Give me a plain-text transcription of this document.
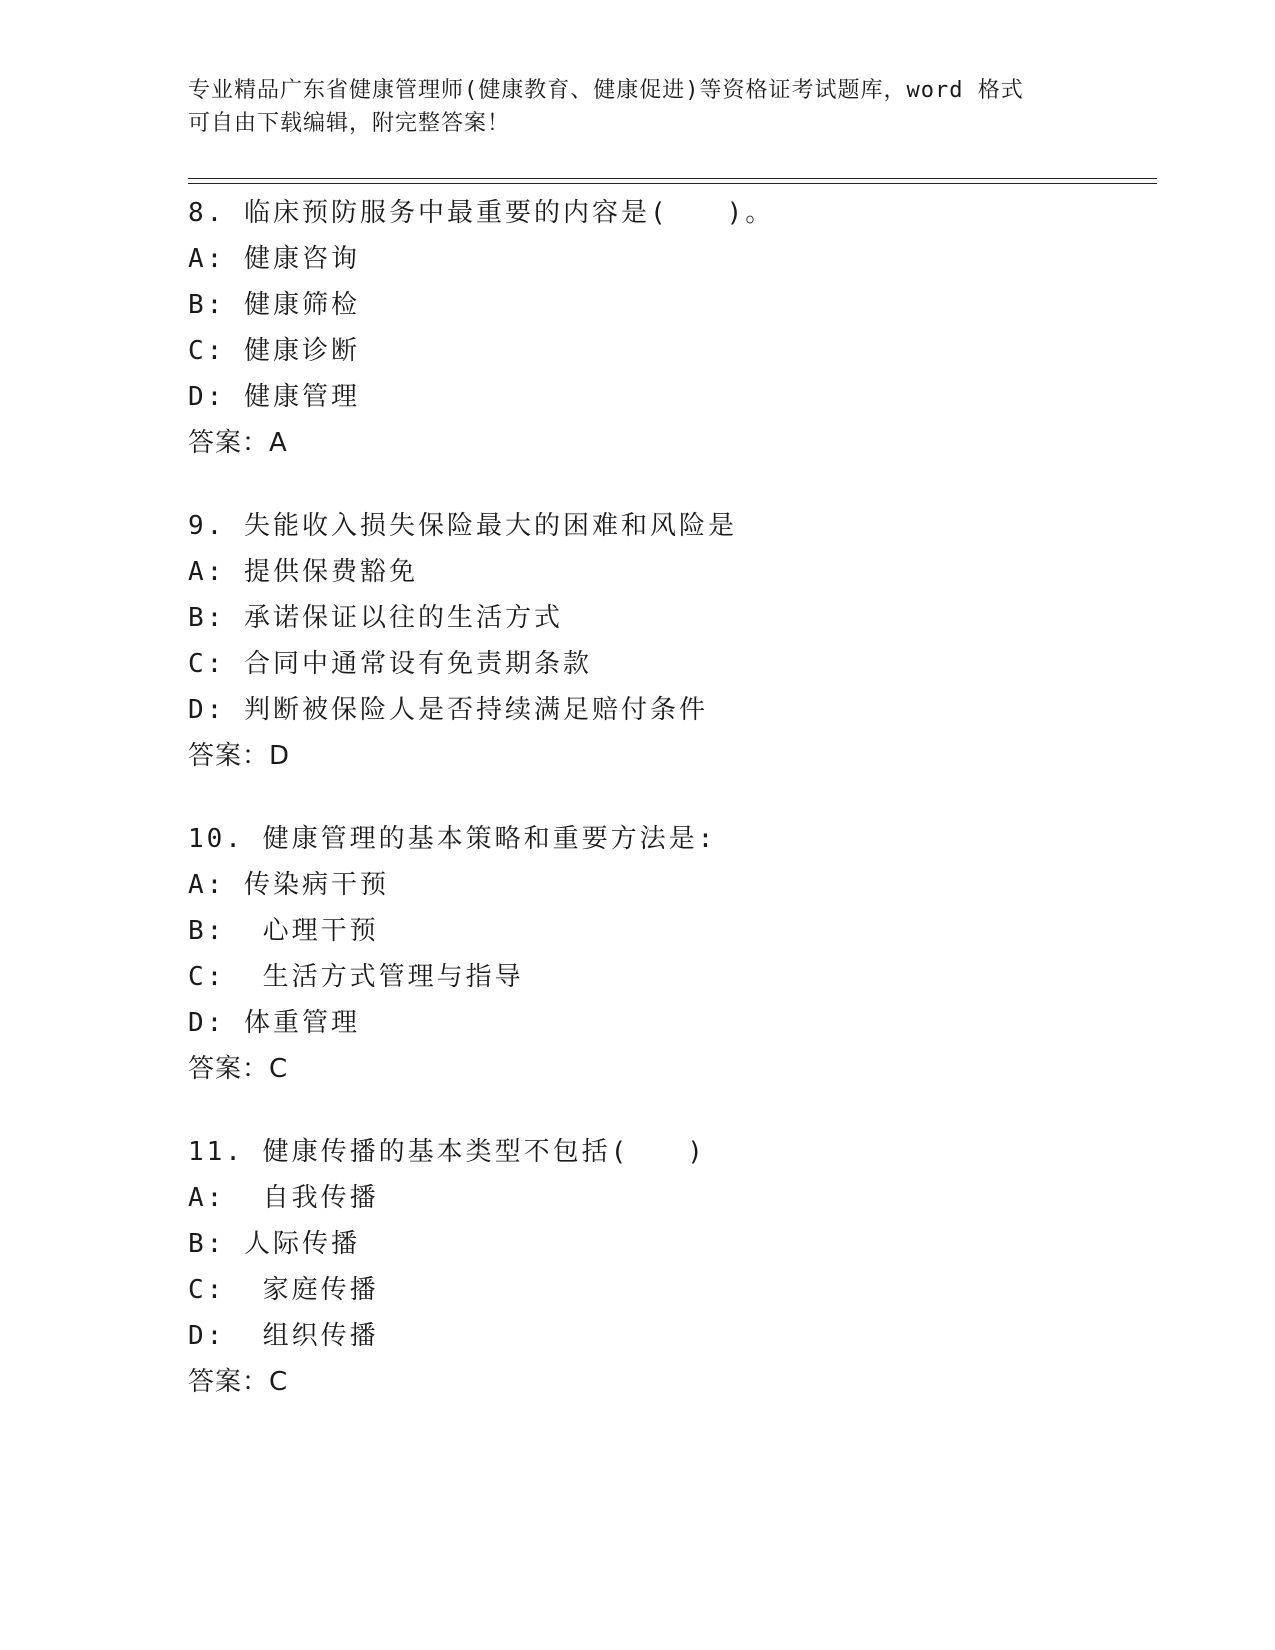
专业精品广东省健康管理师(健康教育、健康促进)等资格证考试题库，word 格式
可自由下载编辑，附完整答案！
8. 临床预防服务中最重要的内容是(　　)。
A: 健康咨询
B: 健康筛检
C: 健康诊断
D: 健康管理
答案：A
9. 失能收入损失保险最大的困难和风险是
A: 提供保费豁免
B: 承诺保证以往的生活方式
C: 合同中通常设有免责期条款
D: 判断被保险人是否持续满足赔付条件
答案：D
10. 健康管理的基本策略和重要方法是:
A: 传染病干预
B:  心理干预
C:  生活方式管理与指导
D: 体重管理
答案：C
11. 健康传播的基本类型不包括(　　)
A:  自我传播
B: 人际传播
C:  家庭传播
D:  组织传播
答案：C
